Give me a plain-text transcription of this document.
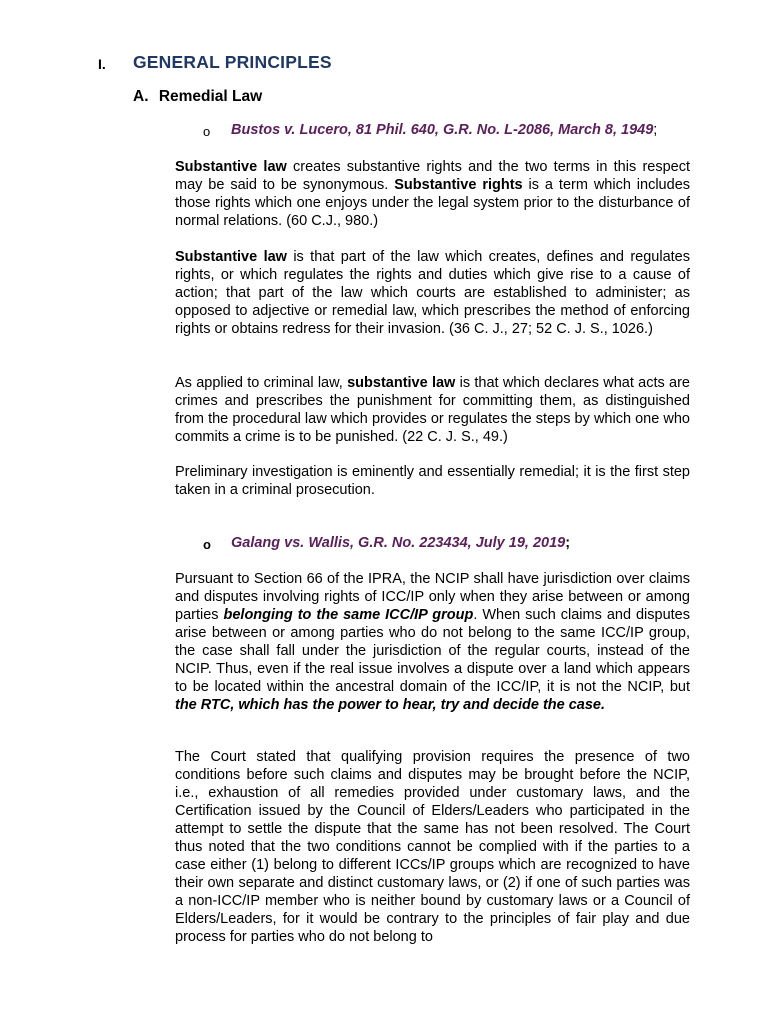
I. GENERAL PRINCIPLES
A. Remedial Law
o Bustos v. Lucero, 81 Phil. 640, G.R. No. L-2086, March 8, 1949;

Substantive law creates substantive rights and the two terms in this respect may be said to be synonymous. Substantive rights is a term which includes those rights which one enjoys under the legal system prior to the disturbance of normal relations. (60 C.J., 980.)

Substantive law is that part of the law which creates, defines and regulates rights, or which regulates the rights and duties which give rise to a cause of action; that part of the law which courts are established to administer; as opposed to adjective or remedial law, which prescribes the method of enforcing rights or obtains redress for their invasion. (36 C. J., 27; 52 C. J. S., 1026.)

As applied to criminal law, substantive law is that which declares what acts are crimes and prescribes the punishment for committing them, as distinguished from the procedural law which provides or regulates the steps by which one who commits a crime is to be punished. (22 C. J. S., 49.)

Preliminary investigation is eminently and essentially remedial; it is the first step taken in a criminal prosecution.

o Galang vs. Wallis, G.R. No. 223434, July 19, 2019;

Pursuant to Section 66 of the IPRA, the NCIP shall have jurisdiction over claims and disputes involving rights of ICC/IP only when they arise between or among parties belonging to the same ICC/IP group. When such claims and disputes arise between or among parties who do not belong to the same ICC/IP group, the case shall fall under the jurisdiction of the regular courts, instead of the NCIP. Thus, even if the real issue involves a dispute over a land which appears to be located within the ancestral domain of the ICC/IP, it is not the NCIP, but the RTC, which has the power to hear, try and decide the case.

The Court stated that qualifying provision requires the presence of two conditions before such claims and disputes may be brought before the NCIP, i.e., exhaustion of all remedies provided under customary laws, and the Certification issued by the Council of Elders/Leaders who participated in the attempt to settle the dispute that the same has not been resolved. The Court thus noted that the two conditions cannot be complied with if the parties to a case either (1) belong to different ICCs/IP groups which are recognized to have their own separate and distinct customary laws, or (2) if one of such parties was a non-ICC/IP member who is neither bound by customary laws or a Council of Elders/Leaders, for it would be contrary to the principles of fair play and due process for parties who do not belong to
